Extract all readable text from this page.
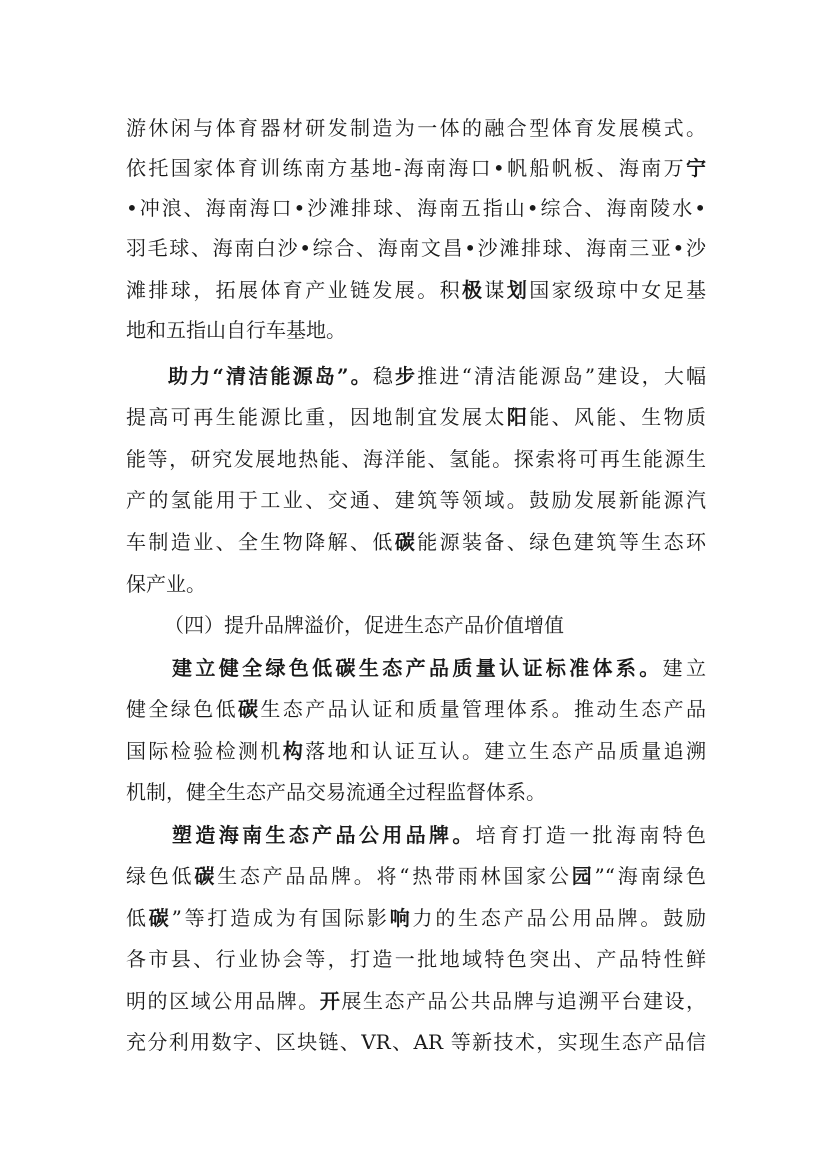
游休闲与体育器材研发制造为一体的融合型体育发展模式。
依托国家体育训练南方基地-海南海口•帆船帆板、海南万宁
•冲浪、海南海口•沙滩排球、海南五指山•综合、海南陵水•
羽毛球、海南白沙•综合、海南文昌•沙滩排球、海南三亚•沙
滩排球，拓展体育产业链发展。积极谋划国家级琼中女足基
地和五指山自行车基地。
助力“清洁能源岛”。稳步推进“清洁能源岛”建设，大幅
提高可再生能源比重，因地制宜发展太阳能、风能、生物质
能等，研究发展地热能、海洋能、氢能。探索将可再生能源生
产的氢能用于工业、交通、建筑等领域。鼓励发展新能源汽
车制造业、全生物降解、低碳能源装备、绿色建筑等生态环
保产业。
（四）提升品牌溢价，促进生态产品价值增值
建立健全绿色低碳生态产品质量认证标准体系。建立
健全绿色低碳生态产品认证和质量管理体系。推动生态产品
国际检验检测机构落地和认证互认。建立生态产品质量追溯
机制，健全生态产品交易流通全过程监督体系。
塑造海南生态产品公用品牌。培育打造一批海南特色
绿色低碳生态产品品牌。将“热带雨林国家公园”“海南绿色
低碳”等打造成为有国际影响力的生态产品公用品牌。鼓励
各市县、行业协会等，打造一批地域特色突出、产品特性鲜
明的区域公用品牌。开展生态产品公共品牌与追溯平台建设，
充分利用数字、区块链、VR、AR 等新技术，实现生态产品信
